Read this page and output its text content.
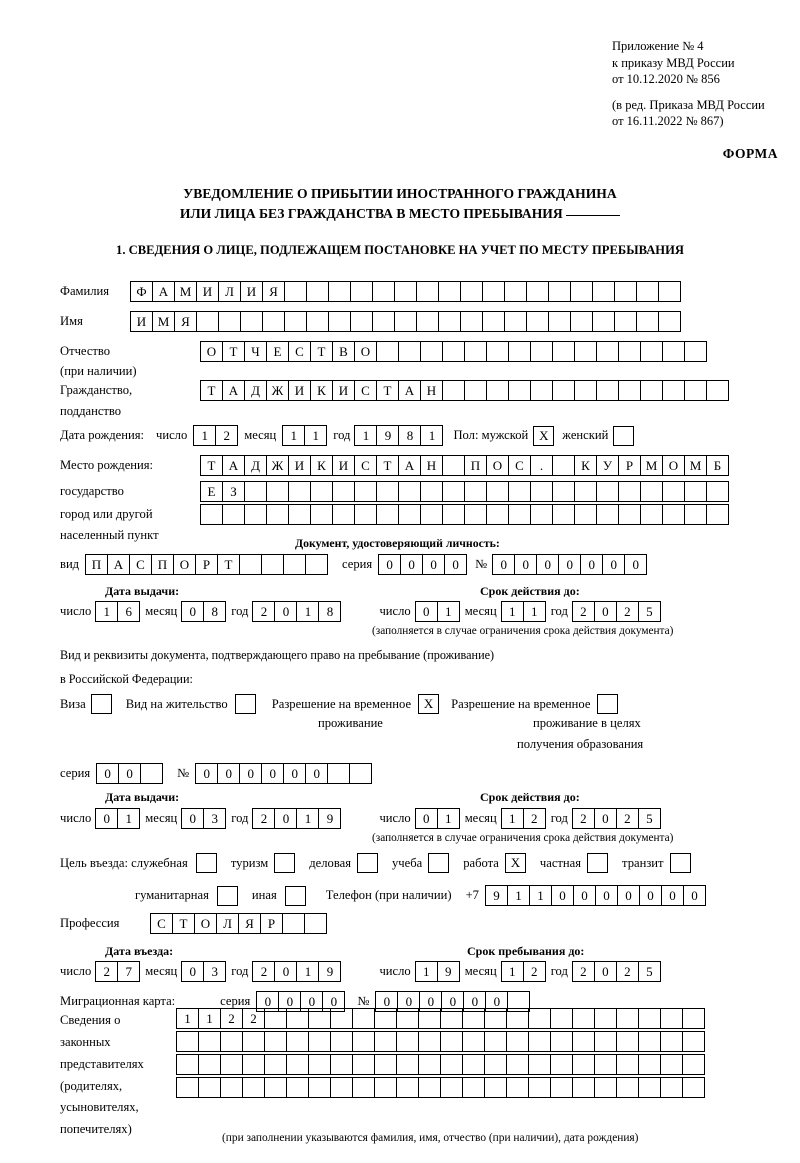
Приложение № 4
к приказу МВД России
от 10.12.2020 № 856
(в ред. Приказа МВД России
от 16.11.2022 № 867)
ФОРМА
УВЕДОМЛЕНИЕ О ПРИБЫТИИ ИНОСТРАННОГО ГРАЖДАНИНА
ИЛИ ЛИЦА БЕЗ ГРАЖДАНСТВА В МЕСТО ПРЕБЫВАНИЯ
1. СВЕДЕНИЯ О ЛИЦЕ, ПОДЛЕЖАЩЕМ ПОСТАНОВКЕ НА УЧЕТ ПО МЕСТУ ПРЕБЫВАНИЯ
Фамилия	Ф А М И Л И Я
Имя	И М Я
Отчество	О	Т	Ч	Е	С	Т	В О
(при наличии)
Гражданство,	Т	А Д Ж И К И С	Т	А Н
подданство
Дата рождения: число	1	2	месяц	1	1	год 1	9	8	1	Пол: мужской X	женский
Место рождения:	Т	А Д Ж И К И С	Т	А Н	П О С	.	К	У	Р М О М Б
государство	Е	З
город или другой
населенный пункт
Документ, удостоверяющий личность:
вид П А С П О	Р	Т	серия	0	0	0	0	№	0	0	0	0	0	0	0
Дата выдачи:	Срок действия до:
число 1	6	месяц 0	8	год 2	0	1	8	число 0	1	месяц 1	1	год 2	0	2	5
(заполняется в случае ограничения срока действия документа)
Вид и реквизиты документа, подтверждающего право на пребывание (проживание)
в Российской Федерации:
Виза	Вид на жительство	Разрешение на временное X	Разрешение на временное
проживание	проживание в целях
получения образования
серия	0	0	№	0	0	0	0	0	0
Дата выдачи:	Срок действия до:
число 0	1	месяц 0	3	год 2	0	1	9	число 0	1	месяц 1	2	год 2	0	2	5
(заполняется в случае ограничения срока действия документа)
Цель въезда: служебная	туризм	деловая	учеба	работа X	частная	транзит
гуманитарная	иная	Телефон (при наличии) +7	9	1	1	0	0	0	0	0	0	0
Профессия	С	Т	О Л	Я	Р
Дата въезда:	Срок пребывания до:
число 2	7	месяц 0	3	год 2	0	1	9	число 1	9	месяц 1	2	год 2	0	2	5
Миграционная карта:	серия	0	0	0	0	№	0	0	0	0	0	0
Сведения о
законных
представителях
(родителях,
усыновителях,
попечителях)
1	1	2	2
(при заполнении указываются фамилия, имя, отчество (при наличии), дата рождения)
